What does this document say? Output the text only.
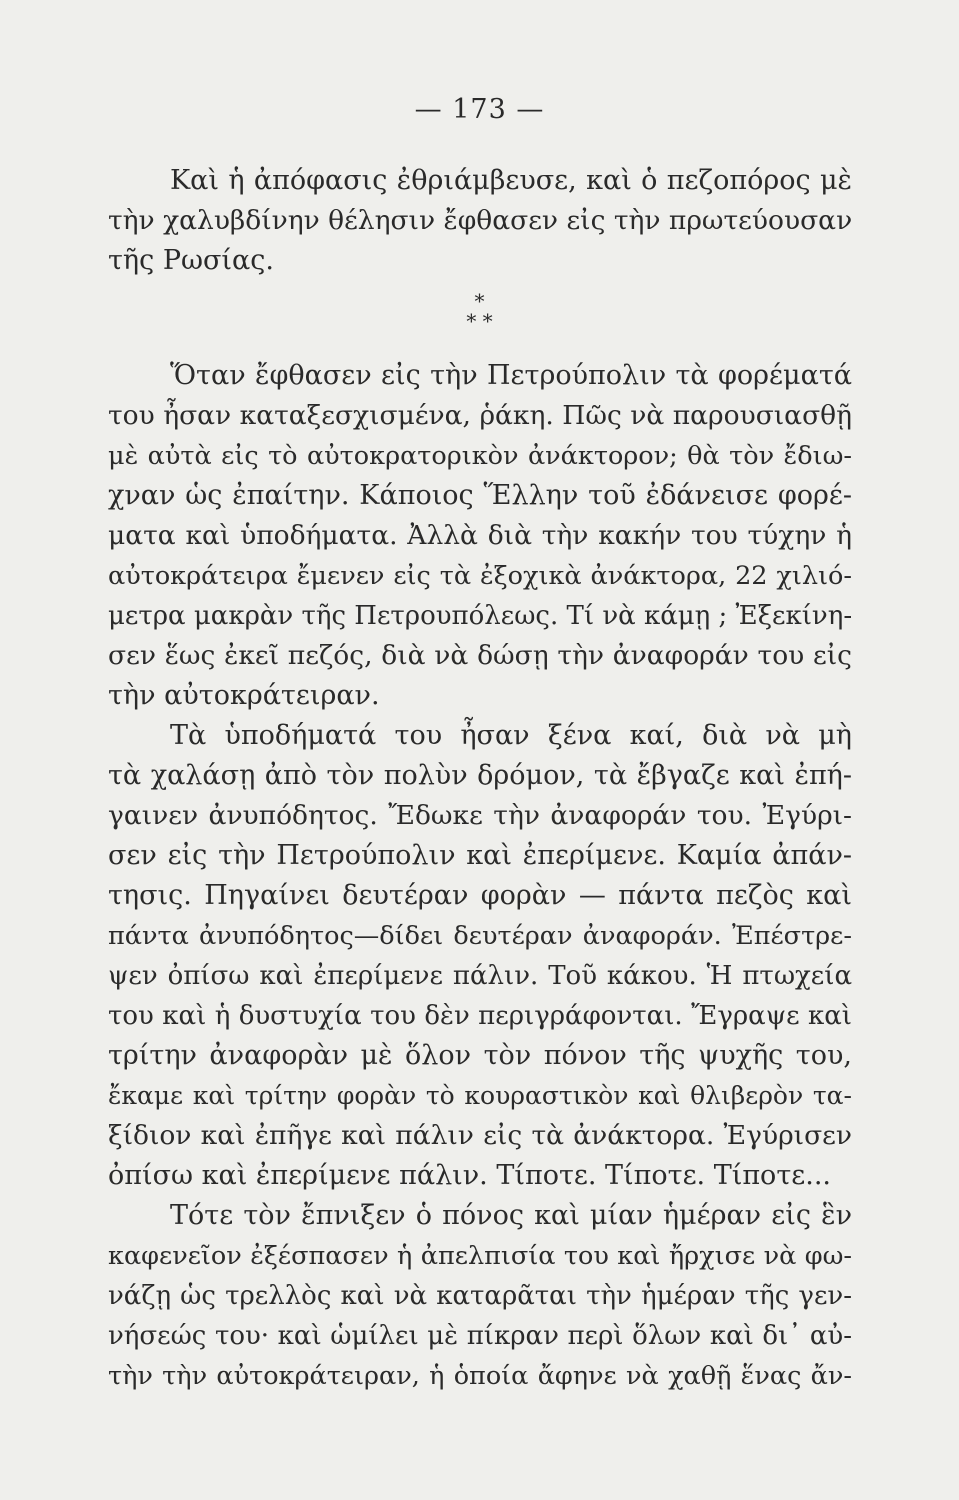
— 173 —
Καὶ ἡ ἀπόφασις ἐθριάμβευσε, καὶ ὁ πεζοπόρος μὲ
τὴν χαλυβδίνην θέλησιν ἔφθασεν εἰς τὴν πρωτεύουσαν
τῆς Ρωσίας.
*
* *
Ὅταν ἔφθασεν εἰς τὴν Πετρούπολιν τὰ φορέματά
του ἦσαν καταξεσχισμένα, ῥάκη. Πῶς νὰ παρουσιασθῇ
μὲ αὐτὰ εἰς τὸ αὐτοκρατορικὸν ἀνάκτορον; θὰ τὸν ἔδιω-
χναν ὡς ἐπαίτην. Κάποιος Ἕλλην τοῦ ἐδάνεισε φορέ-
ματα καὶ ὑποδήματα. Ἀλλὰ διὰ τὴν κακήν του τύχην ἡ
αὐτοκράτειρα ἔμενεν εἰς τὰ ἐξοχικὰ ἀνάκτορα, 22 χιλιό-
μετρα μακρὰν τῆς Πετρουπόλεως. Τί νὰ κάμῃ ; Ἐξεκίνη-
σεν ἕως ἐκεῖ πεζός, διὰ νὰ δώσῃ τὴν ἀναφοράν του εἰς
τὴν αὐτοκράτειραν.
Τὰ ὑποδήματά του ἦσαν ξένα καί, διὰ νὰ μὴ
τὰ χαλάσῃ ἀπὸ τὸν πολὺν δρόμον, τὰ ἔβγαζε καὶ ἐπή-
γαινεν ἀνυπόδητος. Ἔδωκε τὴν ἀναφοράν του. Ἐγύρι-
σεν εἰς τὴν Πετρούπολιν καὶ ἐπερίμενε. Καμία ἀπάν-
τησις. Πηγαίνει δευτέραν φορὰν — πάντα πεζὸς καὶ
πάντα ἀνυπόδητος—δίδει δευτέραν ἀναφοράν. Ἐπέστρε-
ψεν ὀπίσω καὶ ἐπερίμενε πάλιν. Τοῦ κάκου. Ἡ πτωχεία
του καὶ ἡ δυστυχία του δὲν περιγράφονται. Ἔγραψε καὶ
τρίτην ἀναφορὰν μὲ ὅλον τὸν πόνον τῆς ψυχῆς του,
ἔκαμε καὶ τρίτην φορὰν τὸ κουραστικὸν καὶ θλιβερὸν τα-
ξίδιον καὶ ἐπῆγε καὶ πάλιν εἰς τὰ ἀνάκτορα. Ἐγύρισεν
ὀπίσω καὶ ἐπερίμενε πάλιν. Τίποτε. Τίποτε. Τίποτε...
Τότε τὸν ἔπνιξεν ὁ πόνος καὶ μίαν ἡμέραν εἰς ἓν
καφενεῖον ἐξέσπασεν ἡ ἀπελπισία του καὶ ἤρχισε νὰ φω-
νάζῃ ὡς τρελλὸς καὶ νὰ καταρᾶται τὴν ἡμέραν τῆς γεν-
νήσεώς του· καὶ ὡμίλει μὲ πίκραν περὶ ὅλων καὶ δι᾿ αὐ-
τὴν τὴν αὐτοκράτειραν, ἡ ὁποία ἄφηνε νὰ χαθῇ ἕνας ἄν-
